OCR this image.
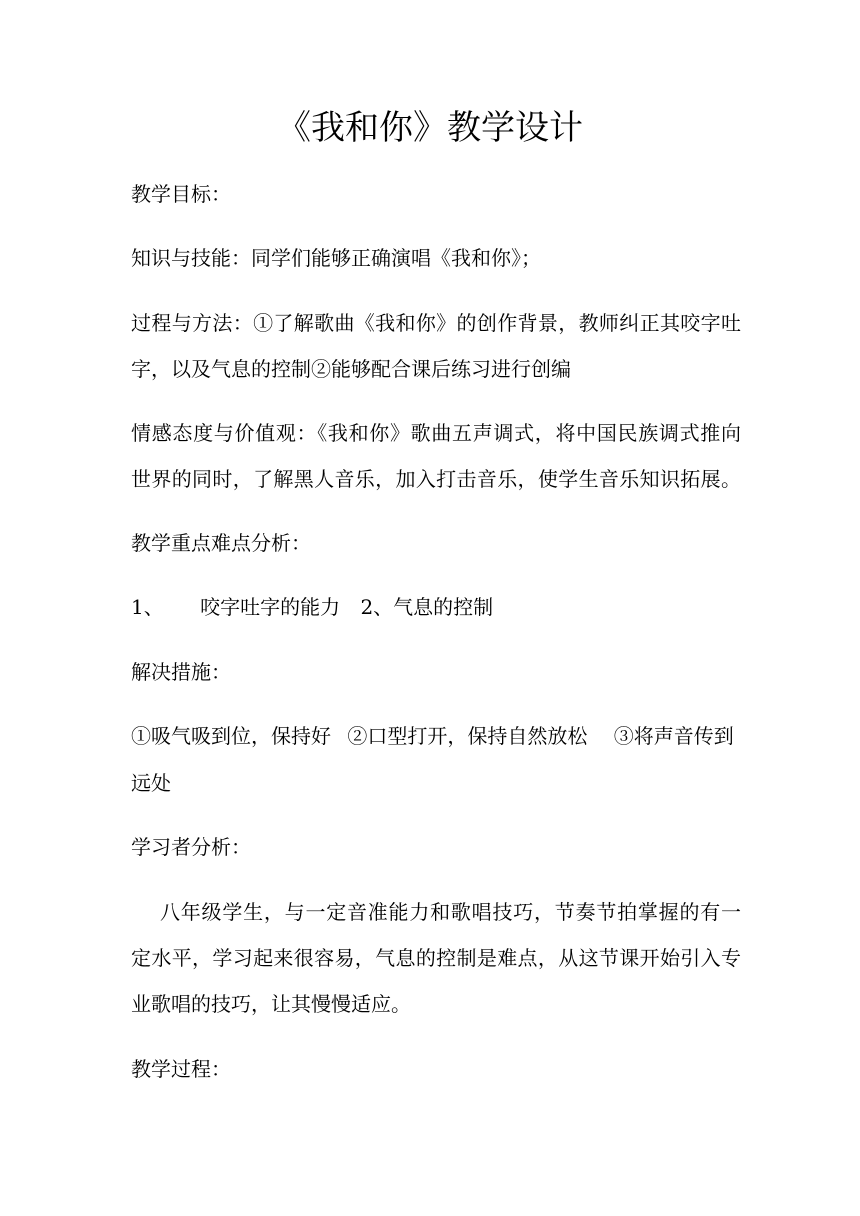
《我和你》教学设计
教学目标：
知识与技能：同学们能够正确演唱《我和你》；
过程与方法：①了解歌曲《我和你》的创作背景，教师纠正其咬字吐
字，以及气息的控制②能够配合课后练习进行创编
情感态度与价值观：《我和你》歌曲五声调式，将中国民族调式推向
世界的同时，了解黑人音乐，加入打击音乐，使学生音乐知识拓展。
教学重点难点分析：
1、 咬字吐字的能力 2、气息的控制
解决措施：
①吸气吸到位，保持好 ②口型打开，保持自然放松 ③将声音传到
远处
学习者分析：
八年级学生，与一定音准能力和歌唱技巧，节奏节拍掌握的有一
定水平，学习起来很容易，气息的控制是难点，从这节课开始引入专
业歌唱的技巧，让其慢慢适应。
教学过程：
